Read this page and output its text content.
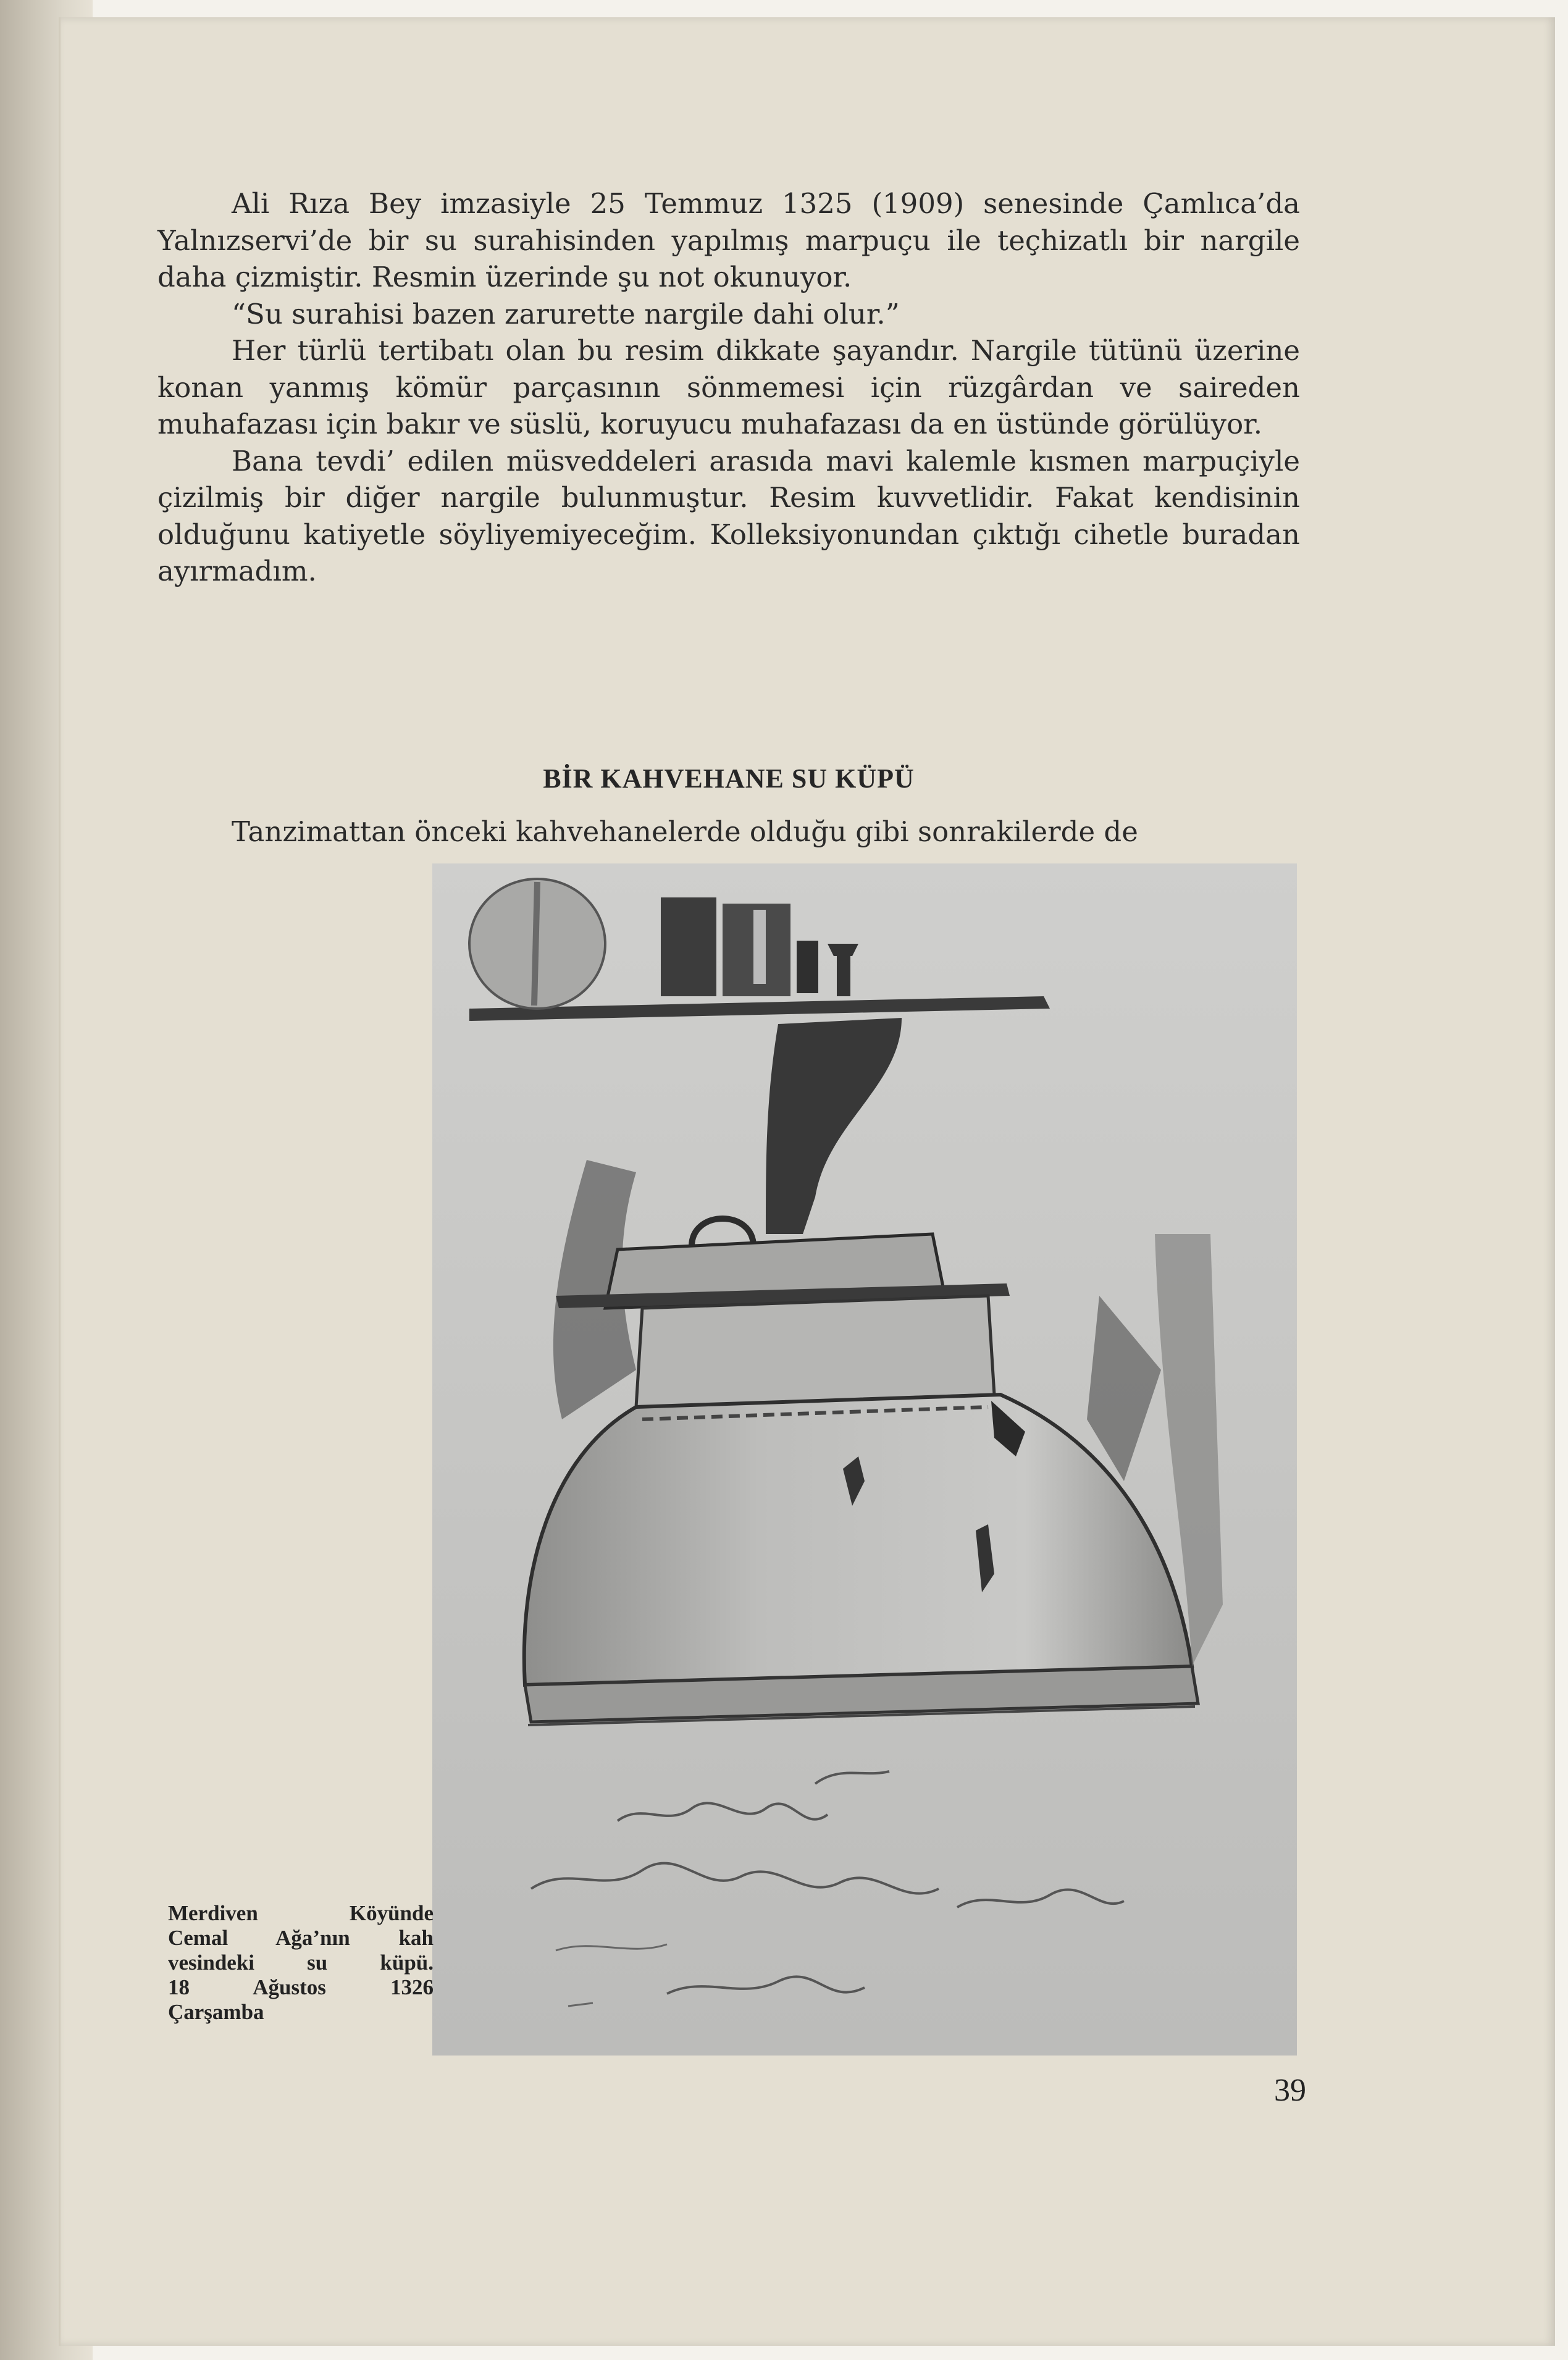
Ali Rıza Bey imzasiyle 25 Temmuz 1325 (1909) senesinde Çamlıca’da Yalnızservi’de bir su surahisinden yapılmış marpuçu ile teçhizatlı bir nargile daha çizmiştir. Resmin üzerinde şu not okunuyor.

“Su surahisi bazen zarurette nargile dahi olur.”

Her türlü tertibatı olan bu resim dikkate şayandır. Nargile tütünü üzerine konan yanmış kömür parçasının sönmemesi için rüzgârdan ve saireden muhafazası için bakır ve süslü, koruyucu muhafazası da en üstünde görülüyor.

Bana tevdi’ edilen müsveddeleri arasıda mavi kalemle kısmen marpuçiyle çizilmiş bir diğer nargile bulunmuştur. Resim kuvvetlidir. Fakat kendisinin olduğunu katiyetle söyliyemiyeceğim. Kolleksiyonundan çıktığı cihetle buradan ayırmadım.

BİR KAHVEHANE SU KÜPÜ
Tanzimattan önceki kahvehanelerde olduğu gibi sonrakilerde de
Merdiven Köyünde
Cemal Ağa’nın kah
vesindeki su küpü.
18 Ağustos 1326
Çarşamba
39
